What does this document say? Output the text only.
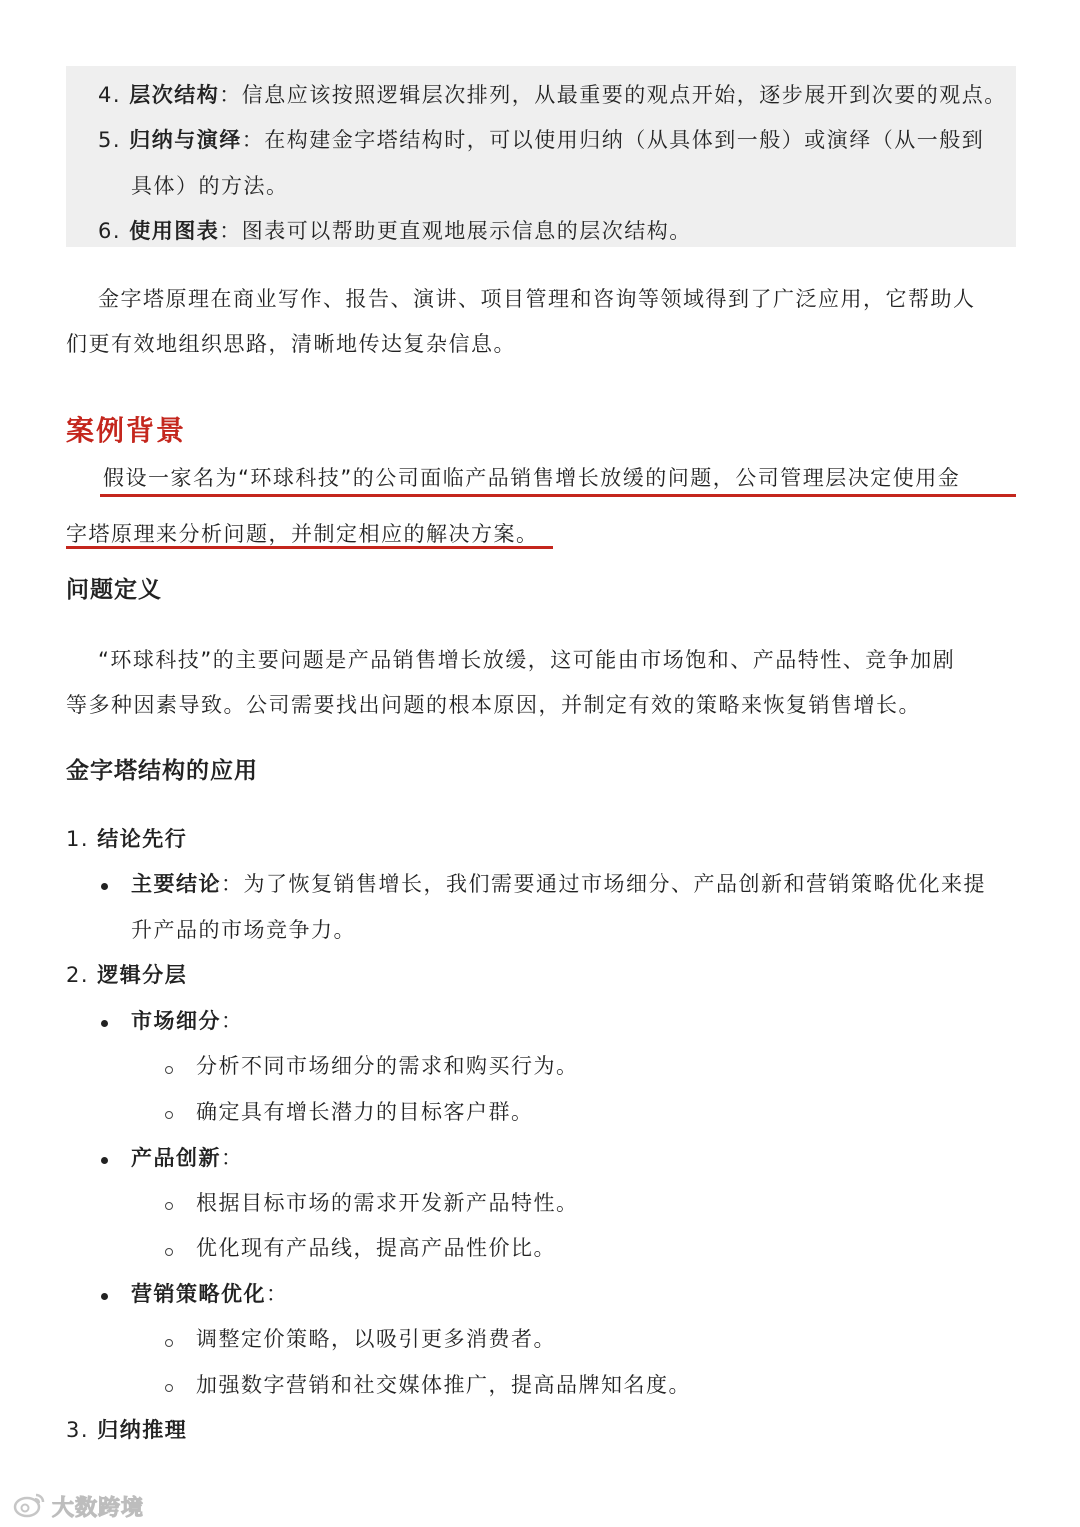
4. 层次结构：信息应该按照逻辑层次排列，从最重要的观点开始，逐步展开到次要的观点。
5. 归纳与演绎：在构建金字塔结构时，可以使用归纳（从具体到一般）或演绎（从一般到
具体）的方法。
6. 使用图表：图表可以帮助更直观地展示信息的层次结构。
金字塔原理在商业写作、报告、演讲、项目管理和咨询等领域得到了广泛应用，它帮助人
们更有效地组织思路，清晰地传达复杂信息。
案例背景
假设一家名为“环球科技”的公司面临产品销售增长放缓的问题，公司管理层决定使用金
字塔原理来分析问题，并制定相应的解决方案。
问题定义
“环球科技”的主要问题是产品销售增长放缓，这可能由市场饱和、产品特性、竞争加剧
等多种因素导致。公司需要找出问题的根本原因，并制定有效的策略来恢复销售增长。
金字塔结构的应用
1. 结论先行
主要结论：为了恢复销售增长，我们需要通过市场细分、产品创新和营销策略优化来提
升产品的市场竞争力。
2. 逻辑分层
市场细分：
分析不同市场细分的需求和购买行为。
确定具有增长潜力的目标客户群。
产品创新：
根据目标市场的需求开发新产品特性。
优化现有产品线，提高产品性价比。
营销策略优化：
调整定价策略，以吸引更多消费者。
加强数字营销和社交媒体推广，提高品牌知名度。
3. 归纳推理
大数跨境
